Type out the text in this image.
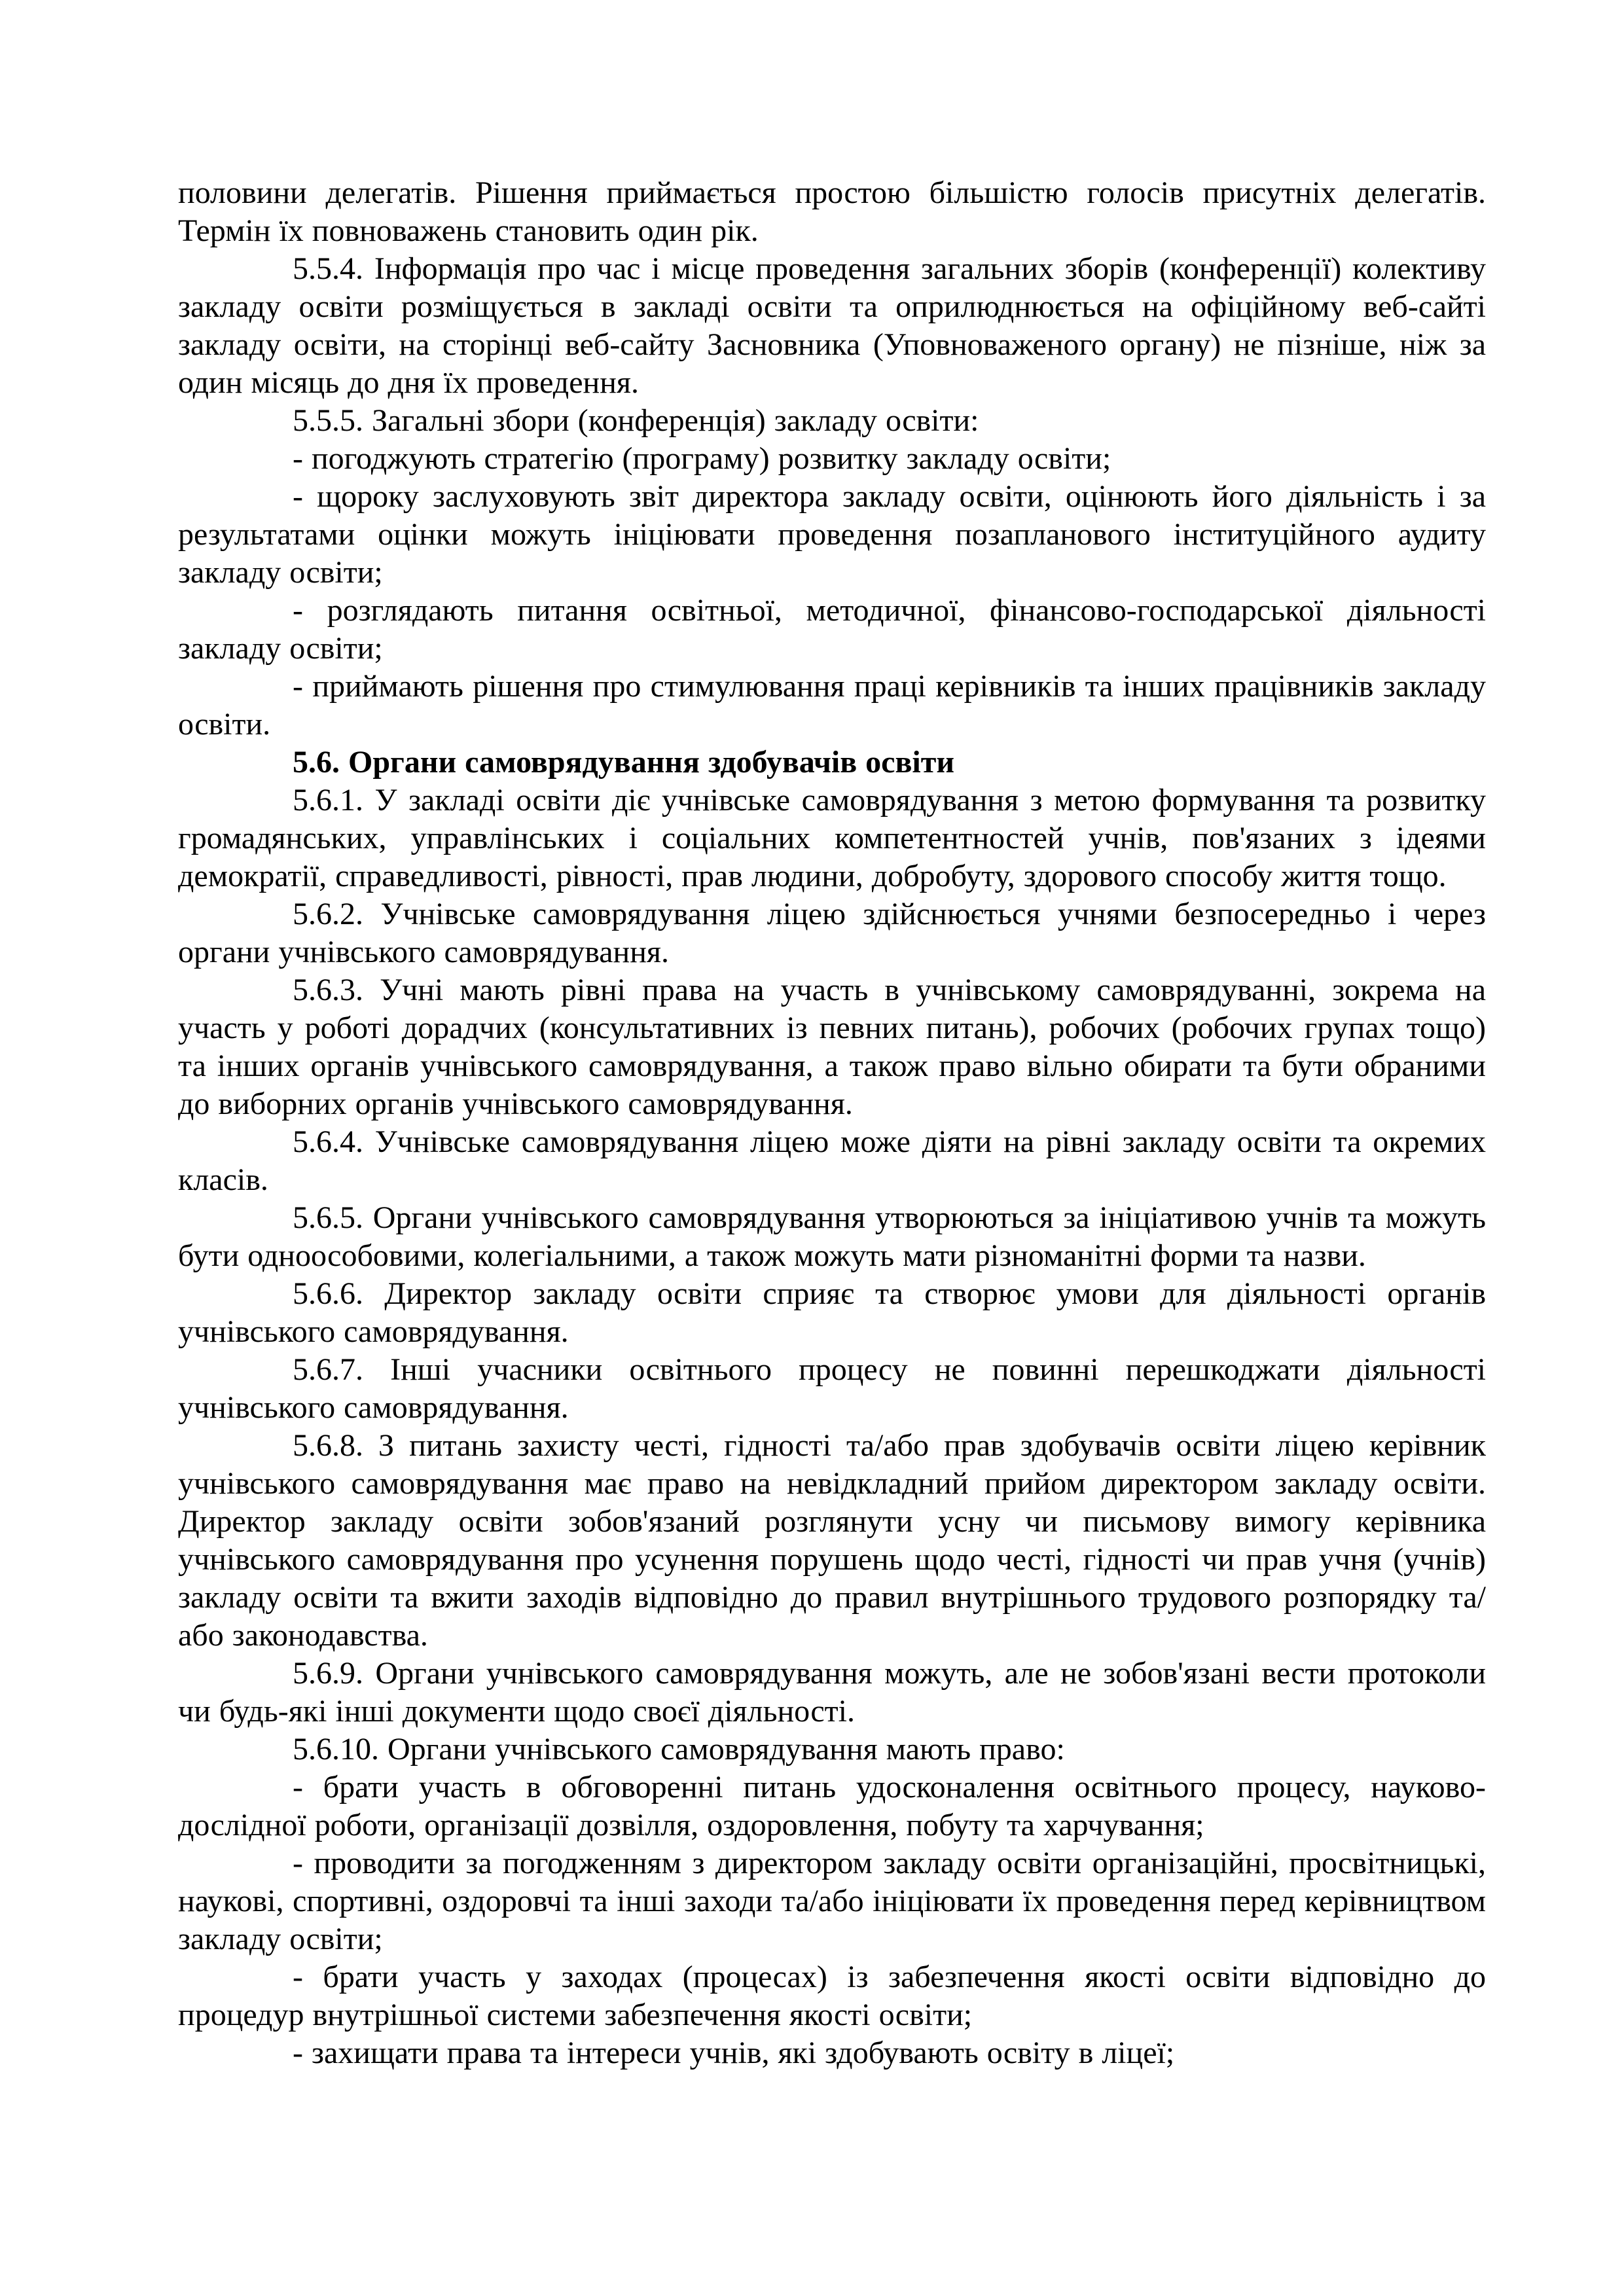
половини делегатів. Рішення приймається простою більшістю голосів присутніх делегатів. Термін їх повноважень становить один рік.

5.5.4. Інформація про час і місце проведення загальних зборів (конференції) колективу закладу освіти розміщується в закладі освіти та оприлюднюється на офіційному веб-сайті закладу освіти, на сторінці веб-сайту Засновника (Уповноваженого органу) не пізніше, ніж за один місяць до дня їх проведення.

5.5.5. Загальні збори (конференція) закладу освіти:

- погоджують стратегію (програму) розвитку закладу освіти;

- щороку заслуховують звіт директора закладу освіти, оцінюють його діяльність і за результатами оцінки можуть ініціювати проведення позапланового інституційного аудиту закладу освіти;

- розглядають питання освітньої, методичної, фінансово-господарської діяльності закладу освіти;

- приймають рішення про стимулювання праці керівників та інших працівників закладу освіти.

5.6. Органи самоврядування здобувачів освіти

5.6.1. У закладі освіти діє учнівське самоврядування з метою формування та розвитку громадянських, управлінських і соціальних компетентностей учнів, пов'язаних з ідеями демократії, справедливості, рівності, прав людини, добробуту, здорового способу життя тощо.

5.6.2. Учнівське самоврядування ліцею здійснюється учнями безпосередньо і через органи учнівського самоврядування.

5.6.3. Учні мають рівні права на участь в учнівському самоврядуванні, зокрема на участь у роботі дорадчих (консультативних із певних питань), робочих (робочих групах тощо) та інших органів учнівського самоврядування, а також право вільно обирати та бути обраними до виборних органів учнівського самоврядування.

5.6.4. Учнівське самоврядування ліцею може діяти на рівні закладу освіти та окремих класів.

5.6.5. Органи учнівського самоврядування утворюються за ініціативою учнів та можуть бути одноособовими, колегіальними, а також можуть мати різноманітні форми та назви.

5.6.6. Директор закладу освіти сприяє та створює умови для діяльності органів учнівського самоврядування.

5.6.7. Інші учасники освітнього процесу не повинні перешкоджати діяльності учнівського самоврядування.

5.6.8. З питань захисту честі, гідності та/або прав здобувачів освіти ліцею керівник учнівського самоврядування має право на невідкладний прийом директором закладу освіти. Директор закладу освіти зобов'язаний розглянути усну чи письмову вимогу керівника учнівського самоврядування про усунення порушень щодо честі, гідності чи прав учня (учнів) закладу освіти та вжити заходів відповідно до правил внутрішнього трудового розпорядку та/або законодавства.

5.6.9. Органи учнівського самоврядування можуть, але не зобов'язані вести протоколи чи будь-які інші документи щодо своєї діяльності.

5.6.10. Органи учнівського самоврядування мають право:

- брати участь в обговоренні питань удосконалення освітнього процесу, науково-дослідної роботи, організації дозвілля, оздоровлення, побуту та харчування;

- проводити за погодженням з директором закладу освіти організаційні, просвітницькі, наукові, спортивні, оздоровчі та інші заходи та/або ініціювати їх проведення перед керівництвом закладу освіти;

- брати участь у заходах (процесах) із забезпечення якості освіти відповідно до процедур внутрішньої системи забезпечення якості освіти;

- захищати права та інтереси учнів, які здобувають освіту в ліцеї;
